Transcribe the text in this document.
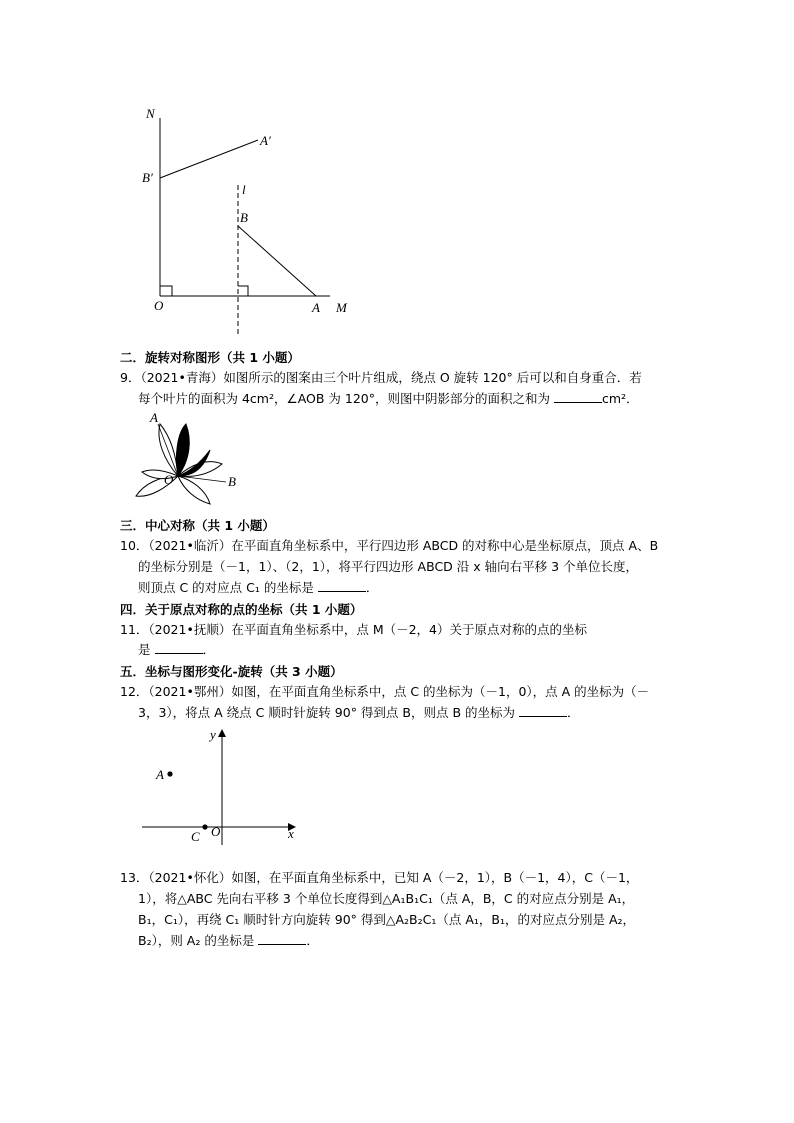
N
A′
B′
l
B
O	A M
二．旋转对称图形（共 1 小题）
9．（2021•青海）如图所示的图案由三个叶片组成，绕点 O 旋转 120° 后可以和自身重合．若
每个叶片的面积为 4cm²，∠AOB 为 120°，则图中阴影部分的面积之和为	cm²．
A
O	B
三．中心对称（共 1 小题）
10．（2021•临沂）在平面直角坐标系中，平行四边形 ABCD 的对称中心是坐标原点，顶点 A、B
的坐标分别是（－1，1）、（2，1），将平行四边形 ABCD 沿 x 轴向右平移 3 个单位长度，
则顶点 C 的对应点 C₁ 的坐标是	．
四．关于原点对称的点的坐标（共 1 小题）
11．（2021•抚顺）在平面直角坐标系中，点 M（－2，4）关于原点对称的点的坐标
是	．
五．坐标与图形变化-旋转（共 3 小题）
12．（2021•鄂州）如图，在平面直角坐标系中，点 C 的坐标为（－1，0），点 A 的坐标为（－
3，3），将点 A 绕点 C 顺时针旋转 90° 得到点 B，则点 B 的坐标为	．
y
A
C O	x
13．（2021•怀化）如图，在平面直角坐标系中，已知 A（－2，1），B（－1，4），C（－1，
1），将△ABC 先向右平移 3 个单位长度得到△A₁B₁C₁（点 A，B，C 的对应点分别是 A₁，
B₁，C₁），再绕 C₁ 顺时针方向旋转 90° 得到△A₂B₂C₁（点 A₁，B₁，的对应点分别是 A₂，
B₂），则 A₂ 的坐标是	．
